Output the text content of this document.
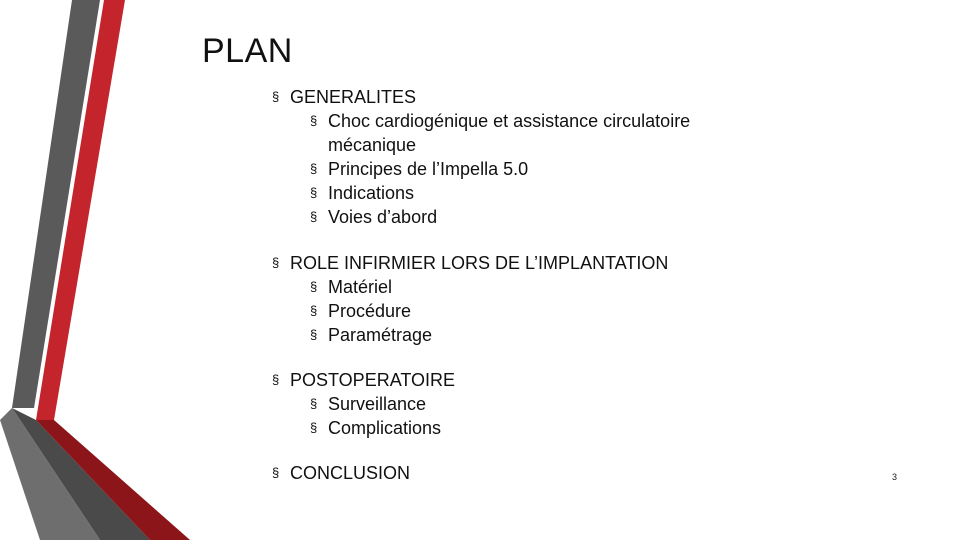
PLAN
§ GENERALITES
§ Choc cardiogénique et assistance circulatoire
mécanique
§ Principes de l’Impella 5.0
§ Indications
§ Voies d’abord
§ ROLE INFIRMIER LORS DE L’IMPLANTATION
§ Matériel
§ Procédure
§ Paramétrage
§ POSTOPERATOIRE
§ Surveillance
§ Complications
§ CONCLUSION	3
